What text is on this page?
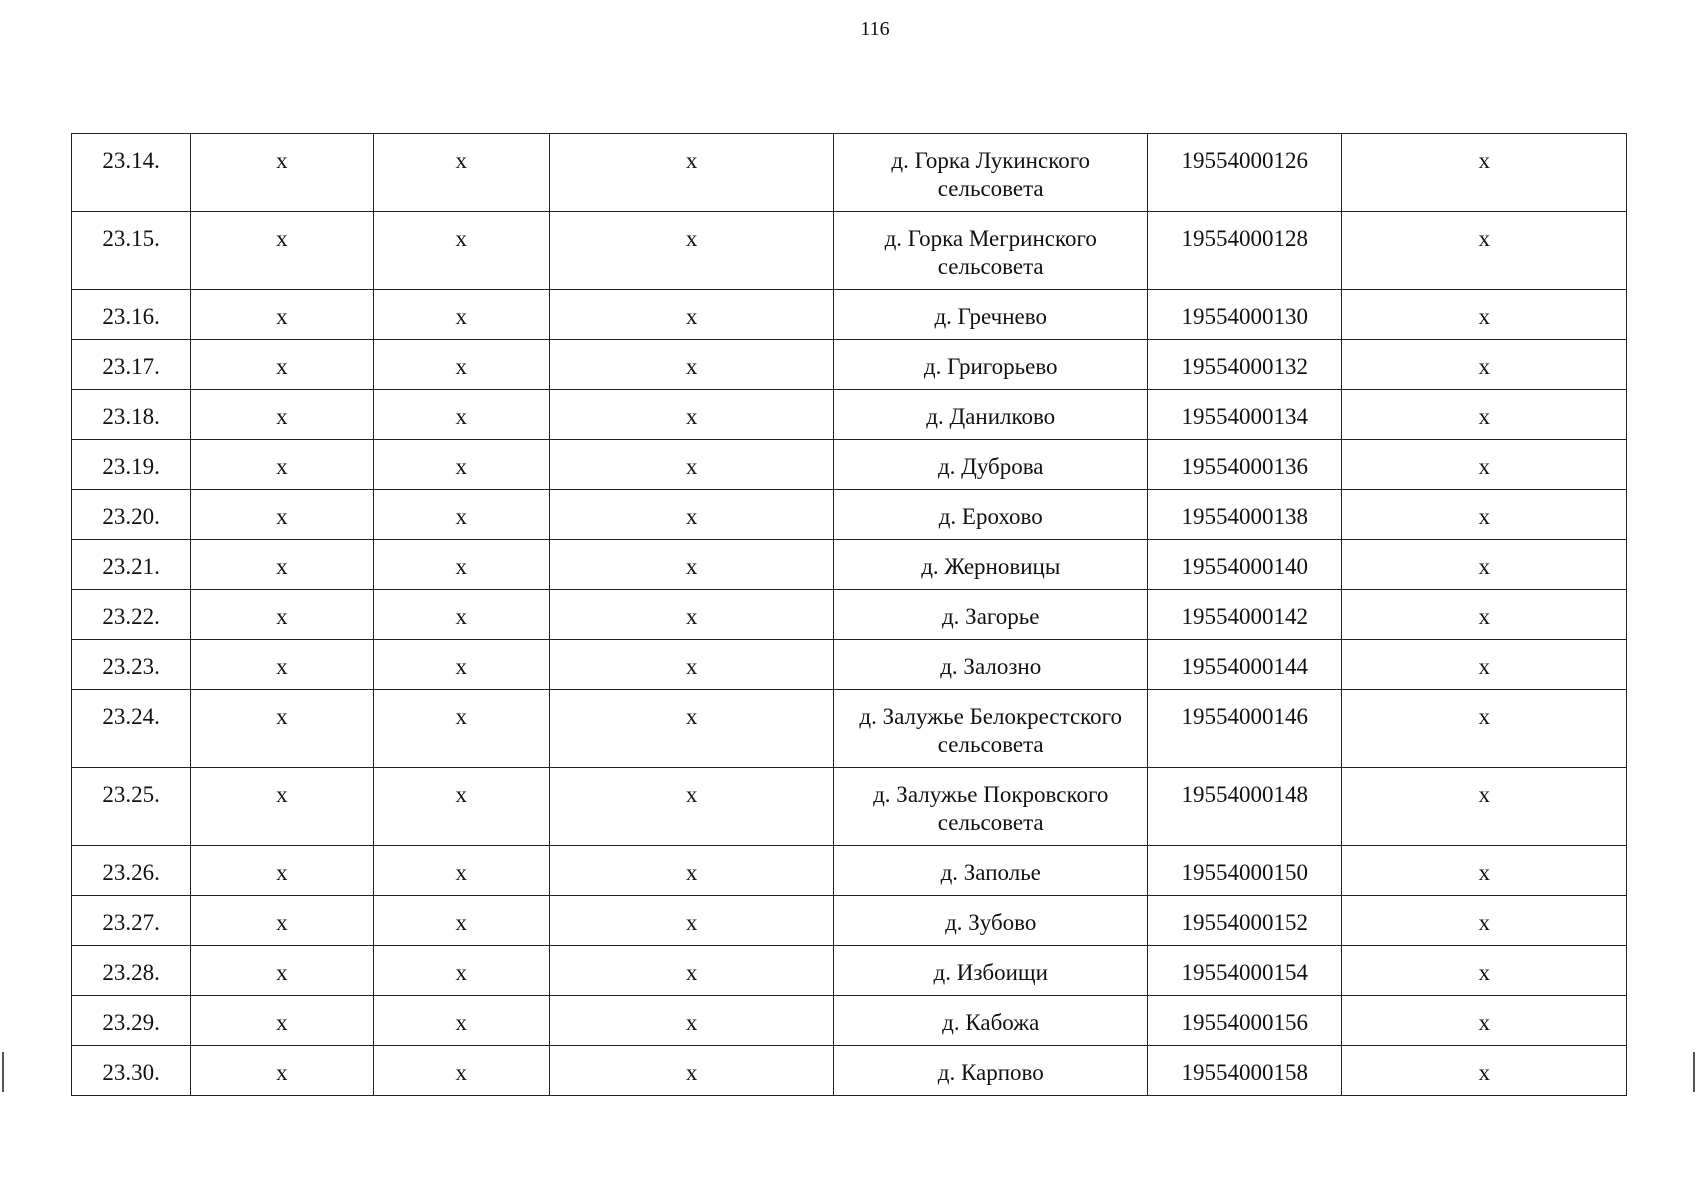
116
23.14.	x	x	x	д. Горка Лукинского сельсовета	19554000126	x
23.15.	x	x	x	д. Горка Мегринского сельсовета	19554000128	x
23.16.	x	x	x	д. Гречнево	19554000130	x
23.17.	x	x	x	д. Григорьево	19554000132	x
23.18.	x	x	x	д. Данилково	19554000134	x
23.19.	x	x	x	д. Дуброва	19554000136	x
23.20.	x	x	x	д. Ерохово	19554000138	x
23.21.	x	x	x	д. Жерновицы	19554000140	x
23.22.	x	x	x	д. Загорье	19554000142	x
23.23.	x	x	x	д. Залозно	19554000144	x
23.24.	x	x	x	д. Залужье Белокрестского сельсовета	19554000146	x
23.25.	x	x	x	д. Залужье Покровского сельсовета	19554000148	x
23.26.	x	x	x	д. Заполье	19554000150	x
23.27.	x	x	x	д. Зубово	19554000152	x
23.28.	x	x	x	д. Избоищи	19554000154	x
23.29.	x	x	x	д. Кабожа	19554000156	x
23.30.	x	x	x	д. Карпово	19554000158	x
